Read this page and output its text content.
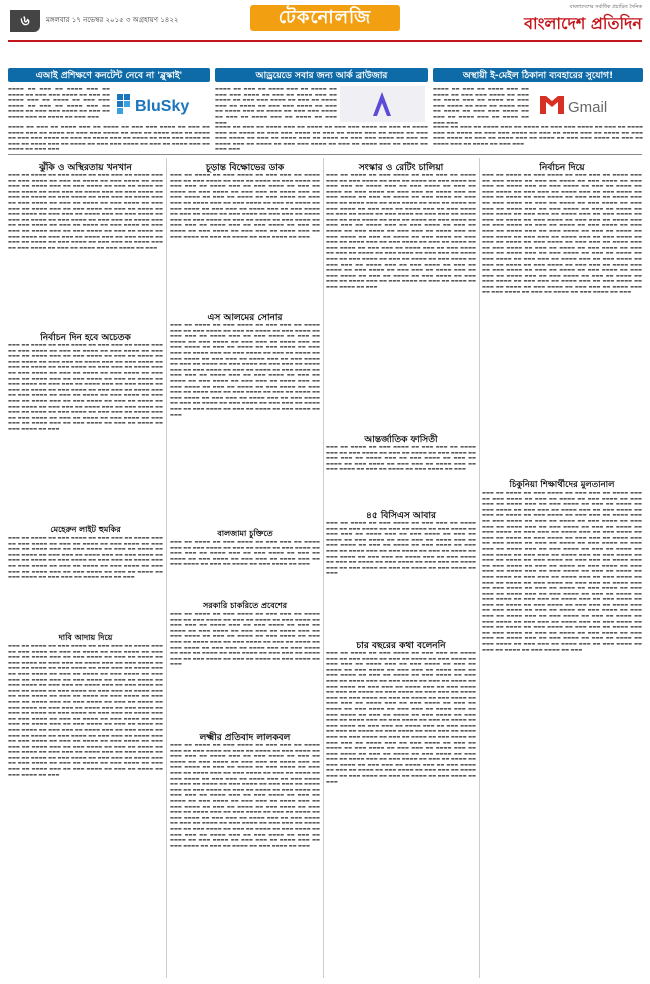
৬	মঙ্গলবার ১৭ নভেম্বর ২০১৫ ৩ অগ্রহায়ণ ১৪২২	টেকনোলজি	বাংলাদেশের সর্বাধিক প্রচারিত দৈনিক
বাংলাদেশ প্রতিদিন
এআই প্রশিক্ষণে কনটেন্ট নেবে না 'ব্লুস্কাই'	আড্রয়েডে সবার জন্য আর্ক ব্রাউজার	অস্থায়ী ই-মেইল ঠিকানা ব্যবহারের সুযোগ!
▬▬▬▬ ▬▬ ▬▬▬ ▬▬ ▬▬▬▬ ▬▬▬ ▬▬ ▬▬▬▬ ▬▬ ▬▬▬ ▬▬▬ ▬▬▬▬ ▬▬ ▬▬▬ ▬▬ ▬▬▬▬ ▬▬▬ ▬▬ ▬▬▬▬ ▬▬ ▬▬▬ ▬▬▬ ▬▬▬▬ ▬▬ ▬▬▬ ▬▬ ▬▬▬▬ ▬▬▬ ▬▬ ▬▬▬▬ ▬▬ ▬▬▬ ▬▬▬ ▬▬▬▬ ▬▬ ▬▬▬ ▬▬ ▬▬▬▬ ▬▬▬ ▬▬ ▬▬▬▬ ▬▬ ▬▬▬ ▬▬▬
BluSky
▬▬▬▬ ▬▬ ▬▬▬ ▬▬ ▬▬▬▬ ▬▬▬ ▬▬ ▬▬▬▬ ▬▬ ▬▬▬ ▬▬▬ ▬▬▬▬ ▬▬ ▬▬▬ ▬▬ ▬▬▬▬ ▬▬▬ ▬▬ ▬▬▬▬ ▬▬ ▬▬▬ ▬▬▬ ▬▬▬▬ ▬▬ ▬▬▬ ▬▬ ▬▬▬▬ ▬▬▬ ▬▬ ▬▬▬▬ ▬▬ ▬▬▬ ▬▬▬ ▬▬▬▬ ▬▬ ▬▬▬ ▬▬ ▬▬▬▬ ▬▬▬ ▬▬ ▬▬▬▬ ▬▬ ▬▬▬ ▬▬▬ ▬▬▬▬ ▬▬ ▬▬▬ ▬▬ ▬▬▬▬ ▬▬▬ ▬▬ ▬▬▬▬ ▬▬ ▬▬▬ ▬▬▬ ▬▬▬▬ ▬▬ ▬▬▬ ▬▬ ▬▬▬▬ ▬▬▬ ▬▬ ▬▬▬▬ ▬▬ ▬▬▬ ▬▬▬
▬▬▬▬ ▬▬ ▬▬▬ ▬▬ ▬▬▬▬ ▬▬▬ ▬▬ ▬▬▬▬ ▬▬ ▬▬▬ ▬▬▬ ▬▬▬▬ ▬▬ ▬▬▬ ▬▬ ▬▬▬▬ ▬▬▬ ▬▬ ▬▬▬▬ ▬▬ ▬▬▬ ▬▬▬ ▬▬▬▬ ▬▬ ▬▬▬ ▬▬ ▬▬▬▬ ▬▬▬ ▬▬ ▬▬▬▬ ▬▬ ▬▬▬ ▬▬▬ ▬▬▬▬ ▬▬ ▬▬▬ ▬▬ ▬▬▬▬ ▬▬▬ ▬▬ ▬▬▬▬ ▬▬ ▬▬▬ ▬▬▬ ▬▬▬▬ ▬▬ ▬▬▬ ▬▬ ▬▬▬▬ ▬▬▬ ▬▬ ▬▬▬▬ ▬▬ ▬▬▬ ▬▬▬
▬▬▬▬ ▬▬ ▬▬▬ ▬▬ ▬▬▬▬ ▬▬▬ ▬▬ ▬▬▬▬ ▬▬ ▬▬▬ ▬▬▬ ▬▬▬▬ ▬▬ ▬▬▬ ▬▬ ▬▬▬▬ ▬▬▬ ▬▬ ▬▬▬▬ ▬▬ ▬▬▬ ▬▬▬ ▬▬▬▬ ▬▬ ▬▬▬ ▬▬ ▬▬▬▬ ▬▬▬ ▬▬ ▬▬▬▬ ▬▬ ▬▬▬ ▬▬▬ ▬▬▬▬ ▬▬ ▬▬▬ ▬▬ ▬▬▬▬ ▬▬▬ ▬▬ ▬▬▬▬ ▬▬ ▬▬▬ ▬▬▬ ▬▬▬▬ ▬▬ ▬▬▬ ▬▬ ▬▬▬▬ ▬▬▬ ▬▬ ▬▬▬▬ ▬▬ ▬▬▬ ▬▬▬ ▬▬▬▬ ▬▬ ▬▬▬ ▬▬ ▬▬▬▬ ▬▬▬ ▬▬ ▬▬▬▬ ▬▬ ▬▬▬ ▬▬▬
▬▬▬▬ ▬▬ ▬▬▬ ▬▬ ▬▬▬▬ ▬▬▬ ▬▬ ▬▬▬▬ ▬▬ ▬▬▬ ▬▬▬ ▬▬▬▬ ▬▬ ▬▬▬ ▬▬ ▬▬▬▬ ▬▬▬ ▬▬ ▬▬▬▬ ▬▬ ▬▬▬ ▬▬▬ ▬▬▬▬ ▬▬ ▬▬▬ ▬▬ ▬▬▬▬ ▬▬▬ ▬▬ ▬▬▬▬ ▬▬ ▬▬▬ ▬▬▬ ▬▬▬▬ ▬▬ ▬▬▬ ▬▬ ▬▬▬▬ ▬▬▬ ▬▬ ▬▬▬▬ ▬▬ ▬▬▬ ▬▬▬
Gmail
▬▬▬▬ ▬▬ ▬▬▬ ▬▬ ▬▬▬▬ ▬▬▬ ▬▬ ▬▬▬▬ ▬▬ ▬▬▬ ▬▬▬ ▬▬▬▬ ▬▬ ▬▬▬ ▬▬ ▬▬▬▬ ▬▬▬ ▬▬ ▬▬▬▬ ▬▬ ▬▬▬ ▬▬▬ ▬▬▬▬ ▬▬ ▬▬▬ ▬▬ ▬▬▬▬ ▬▬▬ ▬▬ ▬▬▬▬ ▬▬ ▬▬▬ ▬▬▬ ▬▬▬▬ ▬▬ ▬▬▬ ▬▬ ▬▬▬▬ ▬▬▬ ▬▬ ▬▬▬▬ ▬▬ ▬▬▬ ▬▬▬ ▬▬▬▬ ▬▬ ▬▬▬ ▬▬ ▬▬▬▬ ▬▬▬ ▬▬ ▬▬▬▬ ▬▬ ▬▬▬ ▬▬▬
ঝুঁকি ও অস্থিরতায় খনখান
▬▬▬ ▬▬ ▬▬▬▬ ▬▬ ▬▬▬ ▬▬▬▬ ▬▬ ▬▬▬ ▬▬▬ ▬▬ ▬▬▬▬ ▬▬▬ ▬▬ ▬▬▬ ▬▬▬▬ ▬▬ ▬▬▬ ▬▬ ▬▬▬▬ ▬▬ ▬▬▬ ▬▬▬▬ ▬▬ ▬▬▬ ▬▬▬ ▬▬ ▬▬▬▬ ▬▬▬ ▬▬ ▬▬▬ ▬▬▬▬ ▬▬ ▬▬▬ ▬▬ ▬▬▬▬ ▬▬ ▬▬▬ ▬▬▬▬ ▬▬ ▬▬▬ ▬▬▬ ▬▬ ▬▬▬▬ ▬▬▬ ▬▬ ▬▬▬ ▬▬▬▬ ▬▬ ▬▬▬ ▬▬ ▬▬▬▬ ▬▬ ▬▬▬ ▬▬▬▬ ▬▬ ▬▬▬ ▬▬▬ ▬▬ ▬▬▬▬ ▬▬▬ ▬▬ ▬▬▬ ▬▬▬▬ ▬▬ ▬▬▬ ▬▬ ▬▬▬▬ ▬▬ ▬▬▬ ▬▬▬▬ ▬▬ ▬▬▬ ▬▬▬ ▬▬ ▬▬▬▬ ▬▬▬ ▬▬ ▬▬▬ ▬▬▬▬ ▬▬ ▬▬▬ ▬▬ ▬▬▬▬ ▬▬ ▬▬▬ ▬▬▬▬ ▬▬ ▬▬▬ ▬▬▬ ▬▬ ▬▬▬▬ ▬▬▬ ▬▬ ▬▬▬ ▬▬▬▬ ▬▬ ▬▬▬ ▬▬ ▬▬▬▬ ▬▬ ▬▬▬ ▬▬▬▬ ▬▬ ▬▬▬ ▬▬▬ ▬▬ ▬▬▬▬ ▬▬▬ ▬▬ ▬▬▬ ▬▬▬▬ ▬▬ ▬▬▬ ▬▬ ▬▬▬▬ ▬▬ ▬▬▬ ▬▬▬▬ ▬▬ ▬▬▬ ▬▬▬ ▬▬ ▬▬▬▬ ▬▬▬ ▬▬ ▬▬▬ ▬▬▬▬ ▬▬ ▬▬▬ ▬▬ ▬▬▬▬ ▬▬ ▬▬▬ ▬▬▬▬ ▬▬ ▬▬▬ ▬▬▬ ▬▬ ▬▬▬▬ ▬▬▬ ▬▬ ▬▬▬ ▬▬▬▬ ▬▬ ▬▬▬ ▬▬ ▬▬▬▬ ▬▬ ▬▬▬ ▬▬▬▬ ▬▬ ▬▬▬ ▬▬▬ ▬▬ ▬▬▬▬ ▬▬▬ ▬▬ ▬▬▬ ▬▬▬▬ ▬▬ ▬▬▬ ▬▬ ▬▬▬▬ ▬▬ ▬▬▬ ▬▬▬▬ ▬▬ ▬▬▬
নির্বাচন দিন হবে অচেতক
▬▬▬ ▬▬ ▬▬▬▬ ▬▬ ▬▬▬ ▬▬▬▬ ▬▬ ▬▬▬ ▬▬▬ ▬▬ ▬▬▬▬ ▬▬▬ ▬▬ ▬▬▬ ▬▬▬▬ ▬▬ ▬▬▬ ▬▬ ▬▬▬▬ ▬▬ ▬▬▬ ▬▬▬▬ ▬▬ ▬▬▬ ▬▬▬ ▬▬ ▬▬▬▬ ▬▬▬ ▬▬ ▬▬▬ ▬▬▬▬ ▬▬ ▬▬▬ ▬▬ ▬▬▬▬ ▬▬ ▬▬▬ ▬▬▬▬ ▬▬ ▬▬▬ ▬▬▬ ▬▬ ▬▬▬▬ ▬▬▬ ▬▬ ▬▬▬ ▬▬▬▬ ▬▬ ▬▬▬ ▬▬ ▬▬▬▬ ▬▬ ▬▬▬ ▬▬▬▬ ▬▬ ▬▬▬ ▬▬▬ ▬▬ ▬▬▬▬ ▬▬▬ ▬▬ ▬▬▬ ▬▬▬▬ ▬▬ ▬▬▬ ▬▬ ▬▬▬▬ ▬▬ ▬▬▬ ▬▬▬▬ ▬▬ ▬▬▬ ▬▬▬ ▬▬ ▬▬▬▬ ▬▬▬ ▬▬ ▬▬▬ ▬▬▬▬ ▬▬ ▬▬▬ ▬▬ ▬▬▬▬ ▬▬ ▬▬▬ ▬▬▬▬ ▬▬ ▬▬▬ ▬▬▬ ▬▬ ▬▬▬▬ ▬▬▬ ▬▬ ▬▬▬ ▬▬▬▬ ▬▬ ▬▬▬ ▬▬ ▬▬▬▬ ▬▬ ▬▬▬ ▬▬▬▬ ▬▬ ▬▬▬ ▬▬▬ ▬▬ ▬▬▬▬ ▬▬▬ ▬▬ ▬▬▬ ▬▬▬▬ ▬▬ ▬▬▬ ▬▬ ▬▬▬▬ ▬▬ ▬▬▬ ▬▬▬▬ ▬▬ ▬▬▬ ▬▬▬ ▬▬ ▬▬▬▬ ▬▬▬ ▬▬ ▬▬▬ ▬▬▬▬ ▬▬ ▬▬▬ ▬▬ ▬▬▬▬ ▬▬ ▬▬▬ ▬▬▬▬ ▬▬ ▬▬▬ ▬▬▬ ▬▬ ▬▬▬▬ ▬▬▬ ▬▬ ▬▬▬ ▬▬▬▬ ▬▬ ▬▬▬ ▬▬ ▬▬▬▬ ▬▬ ▬▬▬ ▬▬▬▬ ▬▬ ▬▬▬ ▬▬▬ ▬▬ ▬▬▬▬ ▬▬▬ ▬▬ ▬▬▬ ▬▬▬▬ ▬▬ ▬▬▬ ▬▬ ▬▬▬▬ ▬▬ ▬▬▬ ▬▬▬▬ ▬▬ ▬▬▬ ▬▬▬ ▬▬ ▬▬▬▬ ▬▬▬ ▬▬ ▬▬▬ ▬▬▬▬ ▬▬ ▬▬▬ ▬▬ ▬▬▬▬ ▬▬ ▬▬▬ ▬▬▬▬ ▬▬ ▬▬▬
মেহেরুন লাইট হুমকির
▬▬▬ ▬▬ ▬▬▬▬ ▬▬ ▬▬▬ ▬▬▬▬ ▬▬ ▬▬▬ ▬▬▬ ▬▬ ▬▬▬▬ ▬▬▬ ▬▬ ▬▬▬ ▬▬▬▬ ▬▬ ▬▬▬ ▬▬ ▬▬▬▬ ▬▬ ▬▬▬ ▬▬▬▬ ▬▬ ▬▬▬ ▬▬▬ ▬▬ ▬▬▬▬ ▬▬▬ ▬▬ ▬▬▬ ▬▬▬▬ ▬▬ ▬▬▬ ▬▬ ▬▬▬▬ ▬▬ ▬▬▬ ▬▬▬▬ ▬▬ ▬▬▬ ▬▬▬ ▬▬ ▬▬▬▬ ▬▬▬ ▬▬ ▬▬▬ ▬▬▬▬ ▬▬ ▬▬▬ ▬▬ ▬▬▬▬ ▬▬ ▬▬▬ ▬▬▬▬ ▬▬ ▬▬▬ ▬▬▬ ▬▬ ▬▬▬▬ ▬▬▬ ▬▬ ▬▬▬ ▬▬▬▬ ▬▬ ▬▬▬ ▬▬ ▬▬▬▬ ▬▬ ▬▬▬ ▬▬▬▬ ▬▬ ▬▬▬ ▬▬▬ ▬▬ ▬▬▬▬ ▬▬▬ ▬▬ ▬▬▬ ▬▬▬▬ ▬▬ ▬▬▬ ▬▬ ▬▬▬▬ ▬▬ ▬▬▬ ▬▬▬▬ ▬▬ ▬▬▬ ▬▬▬ ▬▬ ▬▬▬▬ ▬▬▬ ▬▬ ▬▬▬
দাবি আদায় দিয়ে
▬▬▬ ▬▬ ▬▬▬▬ ▬▬ ▬▬▬ ▬▬▬▬ ▬▬ ▬▬▬ ▬▬▬ ▬▬ ▬▬▬▬ ▬▬▬ ▬▬ ▬▬▬ ▬▬▬▬ ▬▬ ▬▬▬ ▬▬ ▬▬▬▬ ▬▬ ▬▬▬ ▬▬▬▬ ▬▬ ▬▬▬ ▬▬▬ ▬▬ ▬▬▬▬ ▬▬▬ ▬▬ ▬▬▬ ▬▬▬▬ ▬▬ ▬▬▬ ▬▬ ▬▬▬▬ ▬▬ ▬▬▬ ▬▬▬▬ ▬▬ ▬▬▬ ▬▬▬ ▬▬ ▬▬▬▬ ▬▬▬ ▬▬ ▬▬▬ ▬▬▬▬ ▬▬ ▬▬▬ ▬▬ ▬▬▬▬ ▬▬ ▬▬▬ ▬▬▬▬ ▬▬ ▬▬▬ ▬▬▬ ▬▬ ▬▬▬▬ ▬▬▬ ▬▬ ▬▬▬ ▬▬▬▬ ▬▬ ▬▬▬ ▬▬ ▬▬▬▬ ▬▬ ▬▬▬ ▬▬▬▬ ▬▬ ▬▬▬ ▬▬▬ ▬▬ ▬▬▬▬ ▬▬▬ ▬▬ ▬▬▬ ▬▬▬▬ ▬▬ ▬▬▬ ▬▬ ▬▬▬▬ ▬▬ ▬▬▬ ▬▬▬▬ ▬▬ ▬▬▬ ▬▬▬ ▬▬ ▬▬▬▬ ▬▬▬ ▬▬ ▬▬▬ ▬▬▬▬ ▬▬ ▬▬▬ ▬▬ ▬▬▬▬ ▬▬ ▬▬▬ ▬▬▬▬ ▬▬ ▬▬▬ ▬▬▬ ▬▬ ▬▬▬▬ ▬▬▬ ▬▬ ▬▬▬ ▬▬▬▬ ▬▬ ▬▬▬ ▬▬ ▬▬▬▬ ▬▬ ▬▬▬ ▬▬▬▬ ▬▬ ▬▬▬ ▬▬▬ ▬▬ ▬▬▬▬ ▬▬▬ ▬▬ ▬▬▬ ▬▬▬▬ ▬▬ ▬▬▬ ▬▬ ▬▬▬▬ ▬▬ ▬▬▬ ▬▬▬▬ ▬▬ ▬▬▬ ▬▬▬ ▬▬ ▬▬▬▬ ▬▬▬ ▬▬ ▬▬▬ ▬▬▬▬ ▬▬ ▬▬▬ ▬▬ ▬▬▬▬ ▬▬ ▬▬▬ ▬▬▬▬ ▬▬ ▬▬▬ ▬▬▬ ▬▬ ▬▬▬▬ ▬▬▬ ▬▬ ▬▬▬ ▬▬▬▬ ▬▬ ▬▬▬ ▬▬ ▬▬▬▬ ▬▬ ▬▬▬ ▬▬▬▬ ▬▬ ▬▬▬ ▬▬▬ ▬▬ ▬▬▬▬ ▬▬▬ ▬▬ ▬▬▬ ▬▬▬▬ ▬▬ ▬▬▬ ▬▬ ▬▬▬▬ ▬▬ ▬▬▬ ▬▬▬▬ ▬▬ ▬▬▬ ▬▬▬ ▬▬ ▬▬▬▬ ▬▬▬ ▬▬ ▬▬▬ ▬▬▬▬ ▬▬ ▬▬▬ ▬▬ ▬▬▬▬ ▬▬ ▬▬▬ ▬▬▬▬ ▬▬ ▬▬▬ ▬▬▬ ▬▬ ▬▬▬▬ ▬▬▬ ▬▬ ▬▬▬ ▬▬▬▬ ▬▬ ▬▬▬ ▬▬ ▬▬▬▬ ▬▬ ▬▬▬ ▬▬▬▬ ▬▬ ▬▬▬ ▬▬▬ ▬▬ ▬▬▬▬ ▬▬▬ ▬▬ ▬▬▬ ▬▬▬▬ ▬▬ ▬▬▬ ▬▬ ▬▬▬▬ ▬▬ ▬▬▬ ▬▬▬▬ ▬▬ ▬▬▬ ▬▬▬ ▬▬ ▬▬▬▬ ▬▬▬ ▬▬ ▬▬▬ ▬▬▬▬ ▬▬ ▬▬▬ ▬▬ ▬▬▬▬ ▬▬ ▬▬▬ ▬▬▬▬ ▬▬ ▬▬▬ ▬▬▬ ▬▬ ▬▬▬▬ ▬▬▬ ▬▬ ▬▬▬ ▬▬▬▬ ▬▬ ▬▬▬ ▬▬ ▬▬▬▬ ▬▬ ▬▬▬ ▬▬▬▬ ▬▬ ▬▬▬ ▬▬▬ ▬▬ ▬▬▬▬ ▬▬▬ ▬▬ ▬▬▬ ▬▬▬▬ ▬▬ ▬▬▬ ▬▬ ▬▬▬▬ ▬▬ ▬▬▬ ▬▬▬▬ ▬▬ ▬▬▬
চূড়ান্ত বিক্ষোভের ডাক
▬▬▬ ▬▬ ▬▬▬▬ ▬▬ ▬▬▬ ▬▬▬▬ ▬▬ ▬▬▬ ▬▬▬ ▬▬ ▬▬▬▬ ▬▬▬ ▬▬ ▬▬▬ ▬▬▬▬ ▬▬ ▬▬▬ ▬▬ ▬▬▬▬ ▬▬ ▬▬▬ ▬▬▬▬ ▬▬ ▬▬▬ ▬▬▬ ▬▬ ▬▬▬▬ ▬▬▬ ▬▬ ▬▬▬ ▬▬▬▬ ▬▬ ▬▬▬ ▬▬ ▬▬▬▬ ▬▬ ▬▬▬ ▬▬▬▬ ▬▬ ▬▬▬ ▬▬▬ ▬▬ ▬▬▬▬ ▬▬▬ ▬▬ ▬▬▬ ▬▬▬▬ ▬▬ ▬▬▬ ▬▬ ▬▬▬▬ ▬▬ ▬▬▬ ▬▬▬▬ ▬▬ ▬▬▬ ▬▬▬ ▬▬ ▬▬▬▬ ▬▬▬ ▬▬ ▬▬▬ ▬▬▬▬ ▬▬ ▬▬▬ ▬▬ ▬▬▬▬ ▬▬ ▬▬▬ ▬▬▬▬ ▬▬ ▬▬▬ ▬▬▬ ▬▬ ▬▬▬▬ ▬▬▬ ▬▬ ▬▬▬ ▬▬▬▬ ▬▬ ▬▬▬ ▬▬ ▬▬▬▬ ▬▬ ▬▬▬ ▬▬▬▬ ▬▬ ▬▬▬ ▬▬▬ ▬▬ ▬▬▬▬ ▬▬▬ ▬▬ ▬▬▬ ▬▬▬▬ ▬▬ ▬▬▬ ▬▬ ▬▬▬▬ ▬▬ ▬▬▬ ▬▬▬▬ ▬▬ ▬▬▬ ▬▬▬ ▬▬ ▬▬▬▬ ▬▬▬ ▬▬ ▬▬▬ ▬▬▬▬ ▬▬ ▬▬▬ ▬▬ ▬▬▬▬ ▬▬ ▬▬▬ ▬▬▬▬ ▬▬ ▬▬▬ ▬▬▬ ▬▬ ▬▬▬▬ ▬▬▬ ▬▬ ▬▬▬ ▬▬▬▬ ▬▬ ▬▬▬ ▬▬ ▬▬▬▬ ▬▬ ▬▬▬ ▬▬▬▬ ▬▬ ▬▬▬
এস আলমের সোনার
▬▬▬ ▬▬ ▬▬▬▬ ▬▬ ▬▬▬ ▬▬▬▬ ▬▬ ▬▬▬ ▬▬▬ ▬▬ ▬▬▬▬ ▬▬▬ ▬▬ ▬▬▬ ▬▬▬▬ ▬▬ ▬▬▬ ▬▬ ▬▬▬▬ ▬▬ ▬▬▬ ▬▬▬▬ ▬▬ ▬▬▬ ▬▬▬ ▬▬ ▬▬▬▬ ▬▬▬ ▬▬ ▬▬▬ ▬▬▬▬ ▬▬ ▬▬▬ ▬▬ ▬▬▬▬ ▬▬ ▬▬▬ ▬▬▬▬ ▬▬ ▬▬▬ ▬▬▬ ▬▬ ▬▬▬▬ ▬▬▬ ▬▬ ▬▬▬ ▬▬▬▬ ▬▬ ▬▬▬ ▬▬ ▬▬▬▬ ▬▬ ▬▬▬ ▬▬▬▬ ▬▬ ▬▬▬ ▬▬▬ ▬▬ ▬▬▬▬ ▬▬▬ ▬▬ ▬▬▬ ▬▬▬▬ ▬▬ ▬▬▬ ▬▬ ▬▬▬▬ ▬▬ ▬▬▬ ▬▬▬▬ ▬▬ ▬▬▬ ▬▬▬ ▬▬ ▬▬▬▬ ▬▬▬ ▬▬ ▬▬▬ ▬▬▬▬ ▬▬ ▬▬▬ ▬▬ ▬▬▬▬ ▬▬ ▬▬▬ ▬▬▬▬ ▬▬ ▬▬▬ ▬▬▬ ▬▬ ▬▬▬▬ ▬▬▬ ▬▬ ▬▬▬ ▬▬▬▬ ▬▬ ▬▬▬ ▬▬ ▬▬▬▬ ▬▬ ▬▬▬ ▬▬▬▬ ▬▬ ▬▬▬ ▬▬▬ ▬▬ ▬▬▬▬ ▬▬▬ ▬▬ ▬▬▬ ▬▬▬▬ ▬▬ ▬▬▬ ▬▬ ▬▬▬▬ ▬▬ ▬▬▬ ▬▬▬▬ ▬▬ ▬▬▬ ▬▬▬ ▬▬ ▬▬▬▬ ▬▬▬ ▬▬ ▬▬▬ ▬▬▬▬ ▬▬ ▬▬▬ ▬▬ ▬▬▬▬ ▬▬ ▬▬▬ ▬▬▬▬ ▬▬ ▬▬▬ ▬▬▬ ▬▬ ▬▬▬▬ ▬▬▬ ▬▬ ▬▬▬ ▬▬▬▬ ▬▬ ▬▬▬ ▬▬ ▬▬▬▬ ▬▬ ▬▬▬ ▬▬▬▬ ▬▬ ▬▬▬ ▬▬▬ ▬▬ ▬▬▬▬ ▬▬▬ ▬▬ ▬▬▬ ▬▬▬▬ ▬▬ ▬▬▬ ▬▬ ▬▬▬▬ ▬▬ ▬▬▬ ▬▬▬▬ ▬▬ ▬▬▬ ▬▬▬ ▬▬ ▬▬▬▬ ▬▬▬ ▬▬ ▬▬▬ ▬▬▬▬ ▬▬ ▬▬▬ ▬▬ ▬▬▬▬ ▬▬ ▬▬▬ ▬▬▬▬ ▬▬ ▬▬▬
বালজামা চুক্তিতে
▬▬▬ ▬▬ ▬▬▬▬ ▬▬ ▬▬▬ ▬▬▬▬ ▬▬ ▬▬▬ ▬▬▬ ▬▬ ▬▬▬▬ ▬▬▬ ▬▬ ▬▬▬ ▬▬▬▬ ▬▬ ▬▬▬ ▬▬ ▬▬▬▬ ▬▬ ▬▬▬ ▬▬▬▬ ▬▬ ▬▬▬ ▬▬▬ ▬▬ ▬▬▬▬ ▬▬▬ ▬▬ ▬▬▬ ▬▬▬▬ ▬▬ ▬▬▬ ▬▬ ▬▬▬▬ ▬▬ ▬▬▬ ▬▬▬▬ ▬▬ ▬▬▬ ▬▬▬ ▬▬ ▬▬▬▬ ▬▬▬ ▬▬ ▬▬▬ ▬▬▬▬ ▬▬ ▬▬▬ ▬▬ ▬▬▬▬ ▬▬ ▬▬▬ ▬▬▬▬ ▬▬ ▬▬▬
সরকারি চাকরিতে প্রবেশের
▬▬▬ ▬▬ ▬▬▬▬ ▬▬ ▬▬▬ ▬▬▬▬ ▬▬ ▬▬▬ ▬▬▬ ▬▬ ▬▬▬▬ ▬▬▬ ▬▬ ▬▬▬ ▬▬▬▬ ▬▬ ▬▬▬ ▬▬ ▬▬▬▬ ▬▬ ▬▬▬ ▬▬▬▬ ▬▬ ▬▬▬ ▬▬▬ ▬▬ ▬▬▬▬ ▬▬▬ ▬▬ ▬▬▬ ▬▬▬▬ ▬▬ ▬▬▬ ▬▬ ▬▬▬▬ ▬▬ ▬▬▬ ▬▬▬▬ ▬▬ ▬▬▬ ▬▬▬ ▬▬ ▬▬▬▬ ▬▬▬ ▬▬ ▬▬▬ ▬▬▬▬ ▬▬ ▬▬▬ ▬▬ ▬▬▬▬ ▬▬ ▬▬▬ ▬▬▬▬ ▬▬ ▬▬▬ ▬▬▬ ▬▬ ▬▬▬▬ ▬▬▬ ▬▬ ▬▬▬ ▬▬▬▬ ▬▬ ▬▬▬ ▬▬ ▬▬▬▬ ▬▬ ▬▬▬ ▬▬▬▬ ▬▬ ▬▬▬ ▬▬▬ ▬▬ ▬▬▬▬ ▬▬▬ ▬▬ ▬▬▬ ▬▬▬▬ ▬▬ ▬▬▬ ▬▬ ▬▬▬▬ ▬▬ ▬▬▬ ▬▬▬▬ ▬▬ ▬▬▬ ▬▬▬ ▬▬ ▬▬▬▬ ▬▬▬ ▬▬ ▬▬▬ ▬▬▬▬ ▬▬ ▬▬▬ ▬▬ ▬▬▬▬ ▬▬ ▬▬▬ ▬▬▬▬ ▬▬ ▬▬▬
লক্ষ্মীর প্রতিবাদ লালকবল
▬▬▬ ▬▬ ▬▬▬▬ ▬▬ ▬▬▬ ▬▬▬▬ ▬▬ ▬▬▬ ▬▬▬ ▬▬ ▬▬▬▬ ▬▬▬ ▬▬ ▬▬▬ ▬▬▬▬ ▬▬ ▬▬▬ ▬▬ ▬▬▬▬ ▬▬ ▬▬▬ ▬▬▬▬ ▬▬ ▬▬▬ ▬▬▬ ▬▬ ▬▬▬▬ ▬▬▬ ▬▬ ▬▬▬ ▬▬▬▬ ▬▬ ▬▬▬ ▬▬ ▬▬▬▬ ▬▬ ▬▬▬ ▬▬▬▬ ▬▬ ▬▬▬ ▬▬▬ ▬▬ ▬▬▬▬ ▬▬▬ ▬▬ ▬▬▬ ▬▬▬▬ ▬▬ ▬▬▬ ▬▬ ▬▬▬▬ ▬▬ ▬▬▬ ▬▬▬▬ ▬▬ ▬▬▬ ▬▬▬ ▬▬ ▬▬▬▬ ▬▬▬ ▬▬ ▬▬▬ ▬▬▬▬ ▬▬ ▬▬▬ ▬▬ ▬▬▬▬ ▬▬ ▬▬▬ ▬▬▬▬ ▬▬ ▬▬▬ ▬▬▬ ▬▬ ▬▬▬▬ ▬▬▬ ▬▬ ▬▬▬ ▬▬▬▬ ▬▬ ▬▬▬ ▬▬ ▬▬▬▬ ▬▬ ▬▬▬ ▬▬▬▬ ▬▬ ▬▬▬ ▬▬▬ ▬▬ ▬▬▬▬ ▬▬▬ ▬▬ ▬▬▬ ▬▬▬▬ ▬▬ ▬▬▬ ▬▬ ▬▬▬▬ ▬▬ ▬▬▬ ▬▬▬▬ ▬▬ ▬▬▬ ▬▬▬ ▬▬ ▬▬▬▬ ▬▬▬ ▬▬ ▬▬▬ ▬▬▬▬ ▬▬ ▬▬▬ ▬▬ ▬▬▬▬ ▬▬ ▬▬▬ ▬▬▬▬ ▬▬ ▬▬▬ ▬▬▬ ▬▬ ▬▬▬▬ ▬▬▬ ▬▬ ▬▬▬ ▬▬▬▬ ▬▬ ▬▬▬ ▬▬ ▬▬▬▬ ▬▬ ▬▬▬ ▬▬▬▬ ▬▬ ▬▬▬ ▬▬▬ ▬▬ ▬▬▬▬ ▬▬▬ ▬▬ ▬▬▬ ▬▬▬▬ ▬▬ ▬▬▬ ▬▬ ▬▬▬▬ ▬▬ ▬▬▬ ▬▬▬▬ ▬▬ ▬▬▬ ▬▬▬ ▬▬ ▬▬▬▬ ▬▬▬ ▬▬ ▬▬▬ ▬▬▬▬ ▬▬ ▬▬▬ ▬▬ ▬▬▬▬ ▬▬ ▬▬▬ ▬▬▬▬ ▬▬ ▬▬▬ ▬▬▬ ▬▬ ▬▬▬▬ ▬▬▬ ▬▬ ▬▬▬ ▬▬▬▬ ▬▬ ▬▬▬ ▬▬ ▬▬▬▬ ▬▬ ▬▬▬ ▬▬▬▬ ▬▬ ▬▬▬ ▬▬▬ ▬▬ ▬▬▬▬ ▬▬▬ ▬▬ ▬▬▬ ▬▬▬▬ ▬▬ ▬▬▬ ▬▬ ▬▬▬▬ ▬▬ ▬▬▬ ▬▬▬▬ ▬▬ ▬▬▬ ▬▬▬ ▬▬ ▬▬▬▬ ▬▬▬ ▬▬ ▬▬▬ ▬▬▬▬ ▬▬ ▬▬▬ ▬▬ ▬▬▬▬ ▬▬ ▬▬▬ ▬▬▬▬ ▬▬ ▬▬▬
সংস্কার ও রেটিং চালিয়া
▬▬▬ ▬▬ ▬▬▬▬ ▬▬ ▬▬▬ ▬▬▬▬ ▬▬ ▬▬▬ ▬▬▬ ▬▬ ▬▬▬▬ ▬▬▬ ▬▬ ▬▬▬ ▬▬▬▬ ▬▬ ▬▬▬ ▬▬ ▬▬▬▬ ▬▬ ▬▬▬ ▬▬▬▬ ▬▬ ▬▬▬ ▬▬▬ ▬▬ ▬▬▬▬ ▬▬▬ ▬▬ ▬▬▬ ▬▬▬▬ ▬▬ ▬▬▬ ▬▬ ▬▬▬▬ ▬▬ ▬▬▬ ▬▬▬▬ ▬▬ ▬▬▬ ▬▬▬ ▬▬ ▬▬▬▬ ▬▬▬ ▬▬ ▬▬▬ ▬▬▬▬ ▬▬ ▬▬▬ ▬▬ ▬▬▬▬ ▬▬ ▬▬▬ ▬▬▬▬ ▬▬ ▬▬▬ ▬▬▬ ▬▬ ▬▬▬▬ ▬▬▬ ▬▬ ▬▬▬ ▬▬▬▬ ▬▬ ▬▬▬ ▬▬ ▬▬▬▬ ▬▬ ▬▬▬ ▬▬▬▬ ▬▬ ▬▬▬ ▬▬▬ ▬▬ ▬▬▬▬ ▬▬▬ ▬▬ ▬▬▬ ▬▬▬▬ ▬▬ ▬▬▬ ▬▬ ▬▬▬▬ ▬▬ ▬▬▬ ▬▬▬▬ ▬▬ ▬▬▬ ▬▬▬ ▬▬ ▬▬▬▬ ▬▬▬ ▬▬ ▬▬▬ ▬▬▬▬ ▬▬ ▬▬▬ ▬▬ ▬▬▬▬ ▬▬ ▬▬▬ ▬▬▬▬ ▬▬ ▬▬▬ ▬▬▬ ▬▬ ▬▬▬▬ ▬▬▬ ▬▬ ▬▬▬ ▬▬▬▬ ▬▬ ▬▬▬ ▬▬ ▬▬▬▬ ▬▬ ▬▬▬ ▬▬▬▬ ▬▬ ▬▬▬ ▬▬▬ ▬▬ ▬▬▬▬ ▬▬▬ ▬▬ ▬▬▬ ▬▬▬▬ ▬▬ ▬▬▬ ▬▬ ▬▬▬▬ ▬▬ ▬▬▬ ▬▬▬▬ ▬▬ ▬▬▬ ▬▬▬ ▬▬ ▬▬▬▬ ▬▬▬ ▬▬ ▬▬▬ ▬▬▬▬ ▬▬ ▬▬▬ ▬▬ ▬▬▬▬ ▬▬ ▬▬▬ ▬▬▬▬ ▬▬ ▬▬▬ ▬▬▬ ▬▬ ▬▬▬▬ ▬▬▬ ▬▬ ▬▬▬ ▬▬▬▬ ▬▬ ▬▬▬ ▬▬ ▬▬▬▬ ▬▬ ▬▬▬ ▬▬▬▬ ▬▬ ▬▬▬ ▬▬▬ ▬▬ ▬▬▬▬ ▬▬▬ ▬▬ ▬▬▬ ▬▬▬▬ ▬▬ ▬▬▬ ▬▬ ▬▬▬▬ ▬▬ ▬▬▬ ▬▬▬▬ ▬▬ ▬▬▬ ▬▬▬ ▬▬ ▬▬▬▬ ▬▬▬ ▬▬ ▬▬▬ ▬▬▬▬ ▬▬ ▬▬▬ ▬▬ ▬▬▬▬ ▬▬ ▬▬▬ ▬▬▬▬ ▬▬ ▬▬▬ ▬▬▬ ▬▬ ▬▬▬▬ ▬▬▬ ▬▬ ▬▬▬ ▬▬▬▬ ▬▬ ▬▬▬ ▬▬ ▬▬▬▬ ▬▬ ▬▬▬ ▬▬▬▬ ▬▬ ▬▬▬ ▬▬▬ ▬▬ ▬▬▬▬ ▬▬▬ ▬▬ ▬▬▬ ▬▬▬▬ ▬▬ ▬▬▬ ▬▬ ▬▬▬▬ ▬▬ ▬▬▬ ▬▬▬▬ ▬▬ ▬▬▬
আন্তর্জাতিক ফাসিতী
▬▬▬ ▬▬ ▬▬▬▬ ▬▬ ▬▬▬ ▬▬▬▬ ▬▬ ▬▬▬ ▬▬▬ ▬▬ ▬▬▬▬ ▬▬▬ ▬▬ ▬▬▬ ▬▬▬▬ ▬▬ ▬▬▬ ▬▬ ▬▬▬▬ ▬▬ ▬▬▬ ▬▬▬▬ ▬▬ ▬▬▬ ▬▬▬ ▬▬ ▬▬▬▬ ▬▬▬ ▬▬ ▬▬▬ ▬▬▬▬ ▬▬ ▬▬▬ ▬▬ ▬▬▬▬ ▬▬ ▬▬▬ ▬▬▬▬ ▬▬ ▬▬▬ ▬▬▬ ▬▬ ▬▬▬▬ ▬▬▬ ▬▬ ▬▬▬ ▬▬▬▬ ▬▬ ▬▬▬ ▬▬ ▬▬▬▬ ▬▬ ▬▬▬ ▬▬▬▬ ▬▬ ▬▬▬
৪৫ বিসিএস আবার
▬▬▬ ▬▬ ▬▬▬▬ ▬▬ ▬▬▬ ▬▬▬▬ ▬▬ ▬▬▬ ▬▬▬ ▬▬ ▬▬▬▬ ▬▬▬ ▬▬ ▬▬▬ ▬▬▬▬ ▬▬ ▬▬▬ ▬▬ ▬▬▬▬ ▬▬ ▬▬▬ ▬▬▬▬ ▬▬ ▬▬▬ ▬▬▬ ▬▬ ▬▬▬▬ ▬▬▬ ▬▬ ▬▬▬ ▬▬▬▬ ▬▬ ▬▬▬ ▬▬ ▬▬▬▬ ▬▬ ▬▬▬ ▬▬▬▬ ▬▬ ▬▬▬ ▬▬▬ ▬▬ ▬▬▬▬ ▬▬▬ ▬▬ ▬▬▬ ▬▬▬▬ ▬▬ ▬▬▬ ▬▬ ▬▬▬▬ ▬▬ ▬▬▬ ▬▬▬▬ ▬▬ ▬▬▬ ▬▬▬ ▬▬ ▬▬▬▬ ▬▬▬ ▬▬ ▬▬▬ ▬▬▬▬ ▬▬ ▬▬▬ ▬▬ ▬▬▬▬ ▬▬ ▬▬▬ ▬▬▬▬ ▬▬ ▬▬▬ ▬▬▬ ▬▬ ▬▬▬▬ ▬▬▬ ▬▬ ▬▬▬ ▬▬▬▬ ▬▬ ▬▬▬ ▬▬ ▬▬▬▬ ▬▬ ▬▬▬ ▬▬▬▬ ▬▬ ▬▬▬ ▬▬▬ ▬▬ ▬▬▬▬ ▬▬▬ ▬▬ ▬▬▬ ▬▬▬▬ ▬▬ ▬▬▬ ▬▬ ▬▬▬▬ ▬▬ ▬▬▬ ▬▬▬▬ ▬▬ ▬▬▬
চার বছরের কথা বলেননি
▬▬▬ ▬▬ ▬▬▬▬ ▬▬ ▬▬▬ ▬▬▬▬ ▬▬ ▬▬▬ ▬▬▬ ▬▬ ▬▬▬▬ ▬▬▬ ▬▬ ▬▬▬ ▬▬▬▬ ▬▬ ▬▬▬ ▬▬ ▬▬▬▬ ▬▬ ▬▬▬ ▬▬▬▬ ▬▬ ▬▬▬ ▬▬▬ ▬▬ ▬▬▬▬ ▬▬▬ ▬▬ ▬▬▬ ▬▬▬▬ ▬▬ ▬▬▬ ▬▬ ▬▬▬▬ ▬▬ ▬▬▬ ▬▬▬▬ ▬▬ ▬▬▬ ▬▬▬ ▬▬ ▬▬▬▬ ▬▬▬ ▬▬ ▬▬▬ ▬▬▬▬ ▬▬ ▬▬▬ ▬▬ ▬▬▬▬ ▬▬ ▬▬▬ ▬▬▬▬ ▬▬ ▬▬▬ ▬▬▬ ▬▬ ▬▬▬▬ ▬▬▬ ▬▬ ▬▬▬ ▬▬▬▬ ▬▬ ▬▬▬ ▬▬ ▬▬▬▬ ▬▬ ▬▬▬ ▬▬▬▬ ▬▬ ▬▬▬ ▬▬▬ ▬▬ ▬▬▬▬ ▬▬▬ ▬▬ ▬▬▬ ▬▬▬▬ ▬▬ ▬▬▬ ▬▬ ▬▬▬▬ ▬▬ ▬▬▬ ▬▬▬▬ ▬▬ ▬▬▬ ▬▬▬ ▬▬ ▬▬▬▬ ▬▬▬ ▬▬ ▬▬▬ ▬▬▬▬ ▬▬ ▬▬▬ ▬▬ ▬▬▬▬ ▬▬ ▬▬▬ ▬▬▬▬ ▬▬ ▬▬▬ ▬▬▬ ▬▬ ▬▬▬▬ ▬▬▬ ▬▬ ▬▬▬ ▬▬▬▬ ▬▬ ▬▬▬ ▬▬ ▬▬▬▬ ▬▬ ▬▬▬ ▬▬▬▬ ▬▬ ▬▬▬ ▬▬▬ ▬▬ ▬▬▬▬ ▬▬▬ ▬▬ ▬▬▬ ▬▬▬▬ ▬▬ ▬▬▬ ▬▬ ▬▬▬▬ ▬▬ ▬▬▬ ▬▬▬▬ ▬▬ ▬▬▬ ▬▬▬ ▬▬ ▬▬▬▬ ▬▬▬ ▬▬ ▬▬▬ ▬▬▬▬ ▬▬ ▬▬▬ ▬▬ ▬▬▬▬ ▬▬ ▬▬▬ ▬▬▬▬ ▬▬ ▬▬▬ ▬▬▬ ▬▬ ▬▬▬▬ ▬▬▬ ▬▬ ▬▬▬ ▬▬▬▬ ▬▬ ▬▬▬ ▬▬ ▬▬▬▬ ▬▬ ▬▬▬ ▬▬▬▬ ▬▬ ▬▬▬ ▬▬▬ ▬▬ ▬▬▬▬ ▬▬▬ ▬▬ ▬▬▬ ▬▬▬▬ ▬▬ ▬▬▬ ▬▬ ▬▬▬▬ ▬▬ ▬▬▬ ▬▬▬▬ ▬▬ ▬▬▬ ▬▬▬ ▬▬ ▬▬▬▬ ▬▬▬ ▬▬ ▬▬▬ ▬▬▬▬ ▬▬ ▬▬▬ ▬▬ ▬▬▬▬ ▬▬ ▬▬▬ ▬▬▬▬ ▬▬ ▬▬▬ ▬▬▬ ▬▬ ▬▬▬▬ ▬▬▬ ▬▬ ▬▬▬ ▬▬▬▬ ▬▬ ▬▬▬ ▬▬ ▬▬▬▬ ▬▬ ▬▬▬ ▬▬▬▬ ▬▬ ▬▬▬ ▬▬▬ ▬▬ ▬▬▬▬ ▬▬▬ ▬▬ ▬▬▬ ▬▬▬▬ ▬▬ ▬▬▬ ▬▬ ▬▬▬▬ ▬▬ ▬▬▬ ▬▬▬▬ ▬▬ ▬▬▬ ▬▬▬ ▬▬ ▬▬▬▬ ▬▬▬ ▬▬ ▬▬▬ ▬▬▬▬ ▬▬ ▬▬▬ ▬▬ ▬▬▬▬ ▬▬ ▬▬▬ ▬▬▬▬ ▬▬ ▬▬▬ ▬▬▬ ▬▬ ▬▬▬▬ ▬▬▬ ▬▬ ▬▬▬ ▬▬▬▬ ▬▬ ▬▬▬ ▬▬ ▬▬▬▬ ▬▬ ▬▬▬ ▬▬▬▬ ▬▬ ▬▬▬
নির্বাচন দিয়ে
▬▬▬ ▬▬ ▬▬▬▬ ▬▬ ▬▬▬ ▬▬▬▬ ▬▬ ▬▬▬ ▬▬▬ ▬▬ ▬▬▬▬ ▬▬▬ ▬▬ ▬▬▬ ▬▬▬▬ ▬▬ ▬▬▬ ▬▬ ▬▬▬▬ ▬▬ ▬▬▬ ▬▬▬▬ ▬▬ ▬▬▬ ▬▬▬ ▬▬ ▬▬▬▬ ▬▬▬ ▬▬ ▬▬▬ ▬▬▬▬ ▬▬ ▬▬▬ ▬▬ ▬▬▬▬ ▬▬ ▬▬▬ ▬▬▬▬ ▬▬ ▬▬▬ ▬▬▬ ▬▬ ▬▬▬▬ ▬▬▬ ▬▬ ▬▬▬ ▬▬▬▬ ▬▬ ▬▬▬ ▬▬ ▬▬▬▬ ▬▬ ▬▬▬ ▬▬▬▬ ▬▬ ▬▬▬ ▬▬▬ ▬▬ ▬▬▬▬ ▬▬▬ ▬▬ ▬▬▬ ▬▬▬▬ ▬▬ ▬▬▬ ▬▬ ▬▬▬▬ ▬▬ ▬▬▬ ▬▬▬▬ ▬▬ ▬▬▬ ▬▬▬ ▬▬ ▬▬▬▬ ▬▬▬ ▬▬ ▬▬▬ ▬▬▬▬ ▬▬ ▬▬▬ ▬▬ ▬▬▬▬ ▬▬ ▬▬▬ ▬▬▬▬ ▬▬ ▬▬▬ ▬▬▬ ▬▬ ▬▬▬▬ ▬▬▬ ▬▬ ▬▬▬ ▬▬▬▬ ▬▬ ▬▬▬ ▬▬ ▬▬▬▬ ▬▬ ▬▬▬ ▬▬▬▬ ▬▬ ▬▬▬ ▬▬▬ ▬▬ ▬▬▬▬ ▬▬▬ ▬▬ ▬▬▬ ▬▬▬▬ ▬▬ ▬▬▬ ▬▬ ▬▬▬▬ ▬▬ ▬▬▬ ▬▬▬▬ ▬▬ ▬▬▬ ▬▬▬ ▬▬ ▬▬▬▬ ▬▬▬ ▬▬ ▬▬▬ ▬▬▬▬ ▬▬ ▬▬▬ ▬▬ ▬▬▬▬ ▬▬ ▬▬▬ ▬▬▬▬ ▬▬ ▬▬▬ ▬▬▬ ▬▬ ▬▬▬▬ ▬▬▬ ▬▬ ▬▬▬ ▬▬▬▬ ▬▬ ▬▬▬ ▬▬ ▬▬▬▬ ▬▬ ▬▬▬ ▬▬▬▬ ▬▬ ▬▬▬ ▬▬▬ ▬▬ ▬▬▬▬ ▬▬▬ ▬▬ ▬▬▬ ▬▬▬▬ ▬▬ ▬▬▬ ▬▬ ▬▬▬▬ ▬▬ ▬▬▬ ▬▬▬▬ ▬▬ ▬▬▬ ▬▬▬ ▬▬ ▬▬▬▬ ▬▬▬ ▬▬ ▬▬▬ ▬▬▬▬ ▬▬ ▬▬▬ ▬▬ ▬▬▬▬ ▬▬ ▬▬▬ ▬▬▬▬ ▬▬ ▬▬▬ ▬▬▬ ▬▬ ▬▬▬▬ ▬▬▬ ▬▬ ▬▬▬ ▬▬▬▬ ▬▬ ▬▬▬ ▬▬ ▬▬▬▬ ▬▬ ▬▬▬ ▬▬▬▬ ▬▬ ▬▬▬ ▬▬▬ ▬▬ ▬▬▬▬ ▬▬▬ ▬▬ ▬▬▬ ▬▬▬▬ ▬▬ ▬▬▬ ▬▬ ▬▬▬▬ ▬▬ ▬▬▬ ▬▬▬▬ ▬▬ ▬▬▬ ▬▬▬ ▬▬ ▬▬▬▬ ▬▬▬ ▬▬ ▬▬▬ ▬▬▬▬ ▬▬ ▬▬▬ ▬▬ ▬▬▬▬ ▬▬ ▬▬▬ ▬▬▬▬ ▬▬ ▬▬▬ ▬▬▬ ▬▬ ▬▬▬▬ ▬▬▬ ▬▬ ▬▬▬ ▬▬▬▬ ▬▬ ▬▬▬ ▬▬ ▬▬▬▬ ▬▬ ▬▬▬ ▬▬▬▬ ▬▬ ▬▬▬ ▬▬▬ ▬▬ ▬▬▬▬ ▬▬▬ ▬▬ ▬▬▬ ▬▬▬▬ ▬▬ ▬▬▬ ▬▬ ▬▬▬▬ ▬▬ ▬▬▬ ▬▬▬▬ ▬▬ ▬▬▬
চিকুনিয়া শিক্ষার্থীদের মুলতানাল
▬▬▬ ▬▬ ▬▬▬▬ ▬▬ ▬▬▬ ▬▬▬▬ ▬▬ ▬▬▬ ▬▬▬ ▬▬ ▬▬▬▬ ▬▬▬ ▬▬ ▬▬▬ ▬▬▬▬ ▬▬ ▬▬▬ ▬▬ ▬▬▬▬ ▬▬ ▬▬▬ ▬▬▬▬ ▬▬ ▬▬▬ ▬▬▬ ▬▬ ▬▬▬▬ ▬▬▬ ▬▬ ▬▬▬ ▬▬▬▬ ▬▬ ▬▬▬ ▬▬ ▬▬▬▬ ▬▬ ▬▬▬ ▬▬▬▬ ▬▬ ▬▬▬ ▬▬▬ ▬▬ ▬▬▬▬ ▬▬▬ ▬▬ ▬▬▬ ▬▬▬▬ ▬▬ ▬▬▬ ▬▬ ▬▬▬▬ ▬▬ ▬▬▬ ▬▬▬▬ ▬▬ ▬▬▬ ▬▬▬ ▬▬ ▬▬▬▬ ▬▬▬ ▬▬ ▬▬▬ ▬▬▬▬ ▬▬ ▬▬▬ ▬▬ ▬▬▬▬ ▬▬ ▬▬▬ ▬▬▬▬ ▬▬ ▬▬▬ ▬▬▬ ▬▬ ▬▬▬▬ ▬▬▬ ▬▬ ▬▬▬ ▬▬▬▬ ▬▬ ▬▬▬ ▬▬ ▬▬▬▬ ▬▬ ▬▬▬ ▬▬▬▬ ▬▬ ▬▬▬ ▬▬▬ ▬▬ ▬▬▬▬ ▬▬▬ ▬▬ ▬▬▬ ▬▬▬▬ ▬▬ ▬▬▬ ▬▬ ▬▬▬▬ ▬▬ ▬▬▬ ▬▬▬▬ ▬▬ ▬▬▬ ▬▬▬ ▬▬ ▬▬▬▬ ▬▬▬ ▬▬ ▬▬▬ ▬▬▬▬ ▬▬ ▬▬▬ ▬▬ ▬▬▬▬ ▬▬ ▬▬▬ ▬▬▬▬ ▬▬ ▬▬▬ ▬▬▬ ▬▬ ▬▬▬▬ ▬▬▬ ▬▬ ▬▬▬ ▬▬▬▬ ▬▬ ▬▬▬ ▬▬ ▬▬▬▬ ▬▬ ▬▬▬ ▬▬▬▬ ▬▬ ▬▬▬ ▬▬▬ ▬▬ ▬▬▬▬ ▬▬▬ ▬▬ ▬▬▬ ▬▬▬▬ ▬▬ ▬▬▬ ▬▬ ▬▬▬▬ ▬▬ ▬▬▬ ▬▬▬▬ ▬▬ ▬▬▬ ▬▬▬ ▬▬ ▬▬▬▬ ▬▬▬ ▬▬ ▬▬▬ ▬▬▬▬ ▬▬ ▬▬▬ ▬▬ ▬▬▬▬ ▬▬ ▬▬▬ ▬▬▬▬ ▬▬ ▬▬▬ ▬▬▬ ▬▬ ▬▬▬▬ ▬▬▬ ▬▬ ▬▬▬ ▬▬▬▬ ▬▬ ▬▬▬ ▬▬ ▬▬▬▬ ▬▬ ▬▬▬ ▬▬▬▬ ▬▬ ▬▬▬ ▬▬▬ ▬▬ ▬▬▬▬ ▬▬▬ ▬▬ ▬▬▬ ▬▬▬▬ ▬▬ ▬▬▬ ▬▬ ▬▬▬▬ ▬▬ ▬▬▬ ▬▬▬▬ ▬▬ ▬▬▬ ▬▬▬ ▬▬ ▬▬▬▬ ▬▬▬ ▬▬ ▬▬▬ ▬▬▬▬ ▬▬ ▬▬▬ ▬▬ ▬▬▬▬ ▬▬ ▬▬▬ ▬▬▬▬ ▬▬ ▬▬▬ ▬▬▬ ▬▬ ▬▬▬▬ ▬▬▬ ▬▬ ▬▬▬ ▬▬▬▬ ▬▬ ▬▬▬ ▬▬ ▬▬▬▬ ▬▬ ▬▬▬ ▬▬▬▬ ▬▬ ▬▬▬ ▬▬▬ ▬▬ ▬▬▬▬ ▬▬▬ ▬▬ ▬▬▬ ▬▬▬▬ ▬▬ ▬▬▬ ▬▬ ▬▬▬▬ ▬▬ ▬▬▬ ▬▬▬▬ ▬▬ ▬▬▬ ▬▬▬ ▬▬ ▬▬▬▬ ▬▬▬ ▬▬ ▬▬▬ ▬▬▬▬ ▬▬ ▬▬▬ ▬▬ ▬▬▬▬ ▬▬ ▬▬▬ ▬▬▬▬ ▬▬ ▬▬▬ ▬▬▬ ▬▬ ▬▬▬▬ ▬▬▬ ▬▬ ▬▬▬ ▬▬▬▬ ▬▬ ▬▬▬ ▬▬ ▬▬▬▬ ▬▬ ▬▬▬ ▬▬▬▬ ▬▬ ▬▬▬ ▬▬▬ ▬▬ ▬▬▬▬ ▬▬▬ ▬▬ ▬▬▬ ▬▬▬▬ ▬▬ ▬▬▬ ▬▬ ▬▬▬▬ ▬▬ ▬▬▬ ▬▬▬▬ ▬▬ ▬▬▬ ▬▬▬ ▬▬ ▬▬▬▬ ▬▬▬ ▬▬ ▬▬▬ ▬▬▬▬ ▬▬ ▬▬▬ ▬▬ ▬▬▬▬ ▬▬ ▬▬▬ ▬▬▬▬ ▬▬ ▬▬▬ ▬▬▬ ▬▬ ▬▬▬▬ ▬▬▬ ▬▬ ▬▬▬ ▬▬▬▬ ▬▬ ▬▬▬ ▬▬ ▬▬▬▬ ▬▬ ▬▬▬ ▬▬▬▬ ▬▬ ▬▬▬ ▬▬▬ ▬▬ ▬▬▬▬ ▬▬▬ ▬▬ ▬▬▬ ▬▬▬▬ ▬▬ ▬▬▬ ▬▬ ▬▬▬▬ ▬▬ ▬▬▬ ▬▬▬▬ ▬▬ ▬▬▬
